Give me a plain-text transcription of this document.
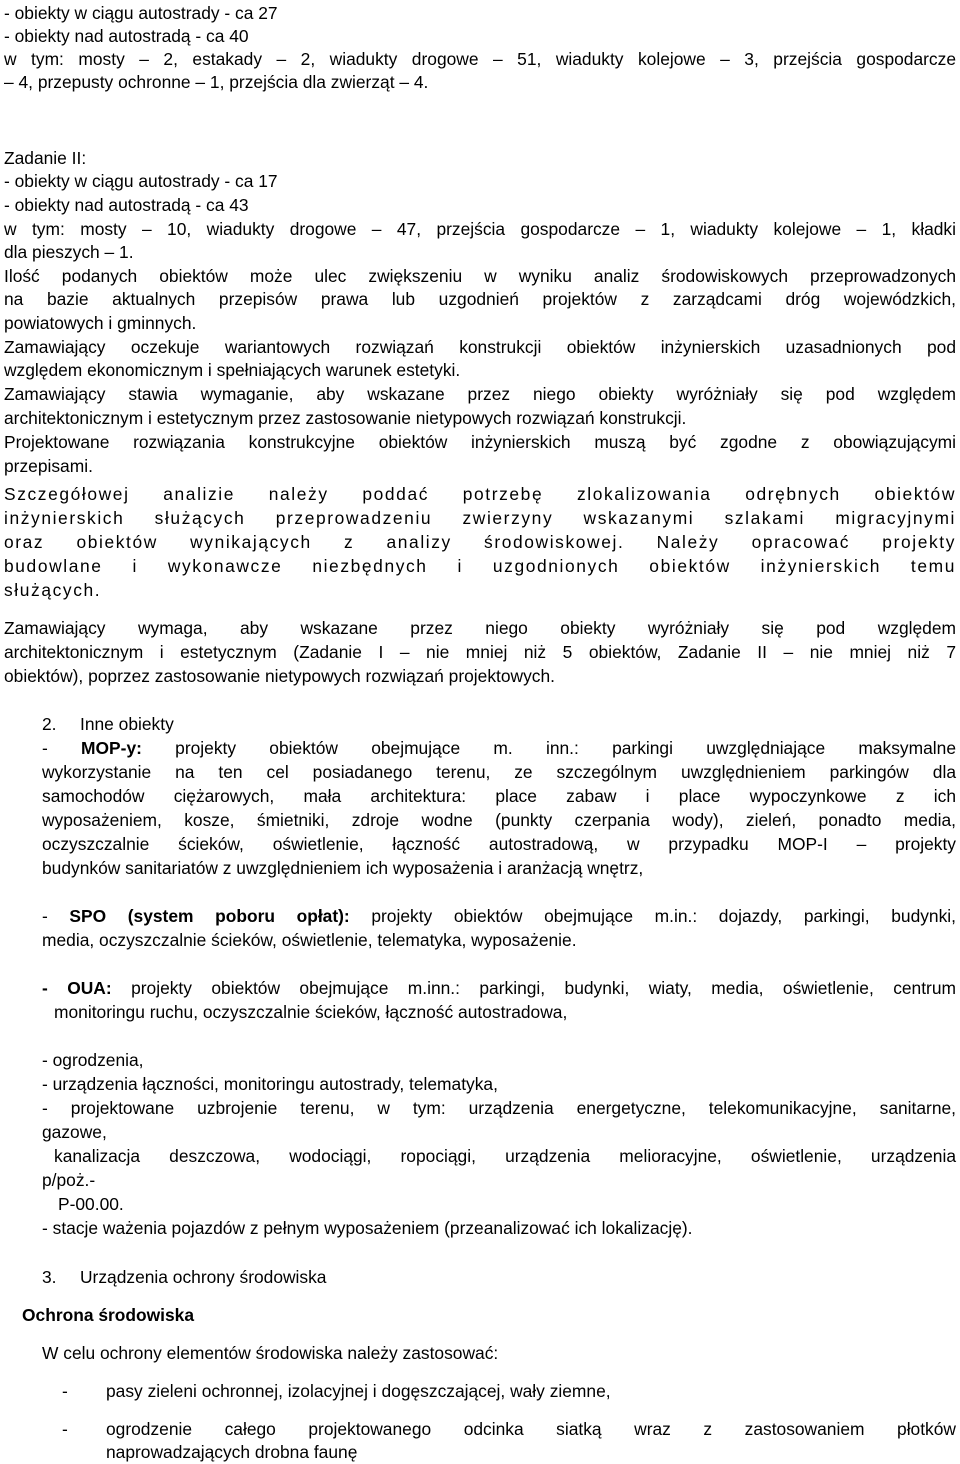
- obiekty w ciągu autostrady - ca 27
- obiekty nad autostradą - ca 40
w tym: mosty – 2, estakady – 2, wiadukty drogowe – 51, wiadukty kolejowe – 3, przejścia gospodarcze
– 4, przepusty ochronne – 1, przejścia dla zwierząt – 4.
Zadanie II:
- obiekty w ciągu autostrady - ca 17
- obiekty nad autostradą - ca 43
w tym: mosty – 10, wiadukty drogowe – 47, przejścia gospodarcze – 1, wiadukty kolejowe – 1, kładki
dla pieszych – 1.
Ilość podanych obiektów może ulec zwiększeniu w wyniku analiz środowiskowych przeprowadzonych
na bazie aktualnych przepisów prawa lub uzgodnień projektów z zarządcami dróg wojewódzkich,
powiatowych i gminnych.
Zamawiający oczekuje wariantowych rozwiązań konstrukcji obiektów inżynierskich uzasadnionych pod
względem ekonomicznym i spełniających warunek estetyki.
Zamawiający stawia wymaganie, aby wskazane przez niego obiekty wyróżniały się pod względem
architektonicznym i estetycznym przez zastosowanie nietypowych rozwiązań konstrukcji.
Projektowane rozwiązania konstrukcyjne obiektów inżynierskich muszą być zgodne z obowiązującymi
przepisami.
Szczegółowej analizie należy poddać potrzebę zlokalizowania odrębnych obiektów
inżynierskich służących przeprowadzeniu zwierzyny wskazanymi szlakami migracyjnymi
oraz obiektów wynikających z analizy środowiskowej. Należy opracować projekty
budowlane i wykonawcze niezbędnych i uzgodnionych obiektów inżynierskich temu
służących.
Zamawiający wymaga, aby wskazane przez niego obiekty wyróżniały się pod względem
architektonicznym i estetycznym (Zadanie I – nie mniej niż 5 obiektów, Zadanie II – nie mniej niż 7
obiektów), poprzez zastosowanie nietypowych rozwiązań projektowych.
2. Inne obiekty
- MOP-y: projekty obiektów obejmujące m. inn.: parkingi uwzględniające maksymalne
wykorzystanie na ten cel posiadanego terenu, ze szczególnym uwzględnieniem parkingów dla
samochodów ciężarowych, mała architektura: place zabaw i place wypoczynkowe z ich
wyposażeniem, kosze, śmietniki, zdroje wodne (punkty czerpania wody), zieleń, ponadto media,
oczyszczalnie ścieków, oświetlenie, łączność autostradową, w przypadku MOP-I – projekty
budynków sanitariatów z uwzględnieniem ich wyposażenia i aranżacją wnętrz,
- SPO (system poboru opłat): projekty obiektów obejmujące m.in.: dojazdy, parkingi, budynki,
media, oczyszczalnie ścieków, oświetlenie, telematyka, wyposażenie.
- OUA: projekty obiektów obejmujące m.inn.: parkingi, budynki, wiaty, media, oświetlenie, centrum
monitoringu ruchu, oczyszczalnie ścieków, łączność autostradowa,
- ogrodzenia,
- urządzenia łączności, monitoringu autostrady, telematyka,
- projektowane uzbrojenie terenu, w tym: urządzenia energetyczne, telekomunikacyjne, sanitarne,
gazowe,
kanalizacja deszczowa, wodociągi, ropociągi, urządzenia melioracyjne, oświetlenie, urządzenia
p/poż.-
P-00.00.
- stacje ważenia pojazdów z pełnym wyposażeniem (przeanalizować ich lokalizację).
3. Urządzenia ochrony środowiska
Ochrona środowiska
W celu ochrony elementów środowiska należy zastosować:
- pasy zieleni ochronnej, izolacyjnej i dogęszczającej, wały ziemne,
- ogrodzenie całego projektowanego odcinka siatką wraz z zastosowaniem płotków
naprowadzających drobna faunę
